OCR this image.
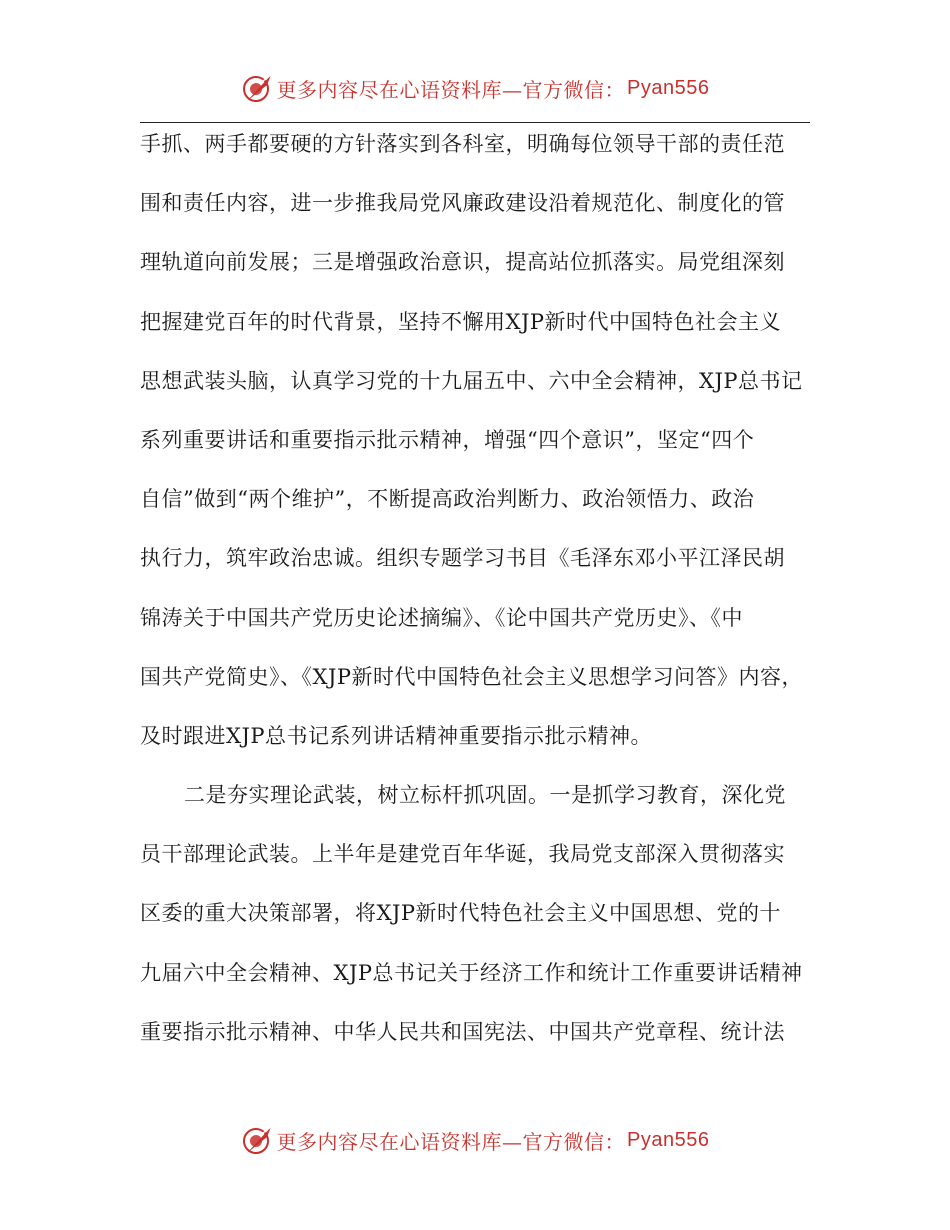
更多内容尽在心语资料库—官方微信： Pyan556
手抓、两手都要硬的方针落实到各科室，明确每位领导干部的责任范
围和责任内容，进一步推我局党风廉政建设沿着规范化、制度化的管
理轨道向前发展；三是增强政治意识，提高站位抓落实。局党组深刻
把握建党百年的时代背景，坚持不懈用XJP新时代中国特色社会主义
思想武装头脑，认真学习党的十九届五中、六中全会精神，XJP总书记
系列重要讲话和重要指示批示精神，增强“四个意识”，坚定“四个
自信”做到“两个维护”，不断提高政治判断力、政治领悟力、政治
执行力，筑牢政治忠诚。组织专题学习书目《毛泽东邓小平江泽民胡
锦涛关于中国共产党历史论述摘编》、《论中国共产党历史》、《中
国共产党简史》、《XJP新时代中国特色社会主义思想学习问答》内容，
及时跟进XJP总书记系列讲话精神重要指示批示精神。
二是夯实理论武装，树立标杆抓巩固。一是抓学习教育，深化党
员干部理论武装。上半年是建党百年华诞，我局党支部深入贯彻落实
区委的重大决策部署，将XJP新时代特色社会主义中国思想、党的十
九届六中全会精神、XJP总书记关于经济工作和统计工作重要讲话精神
重要指示批示精神、中华人民共和国宪法、中国共产党章程、统计法
更多内容尽在心语资料库—官方微信： Pyan556
